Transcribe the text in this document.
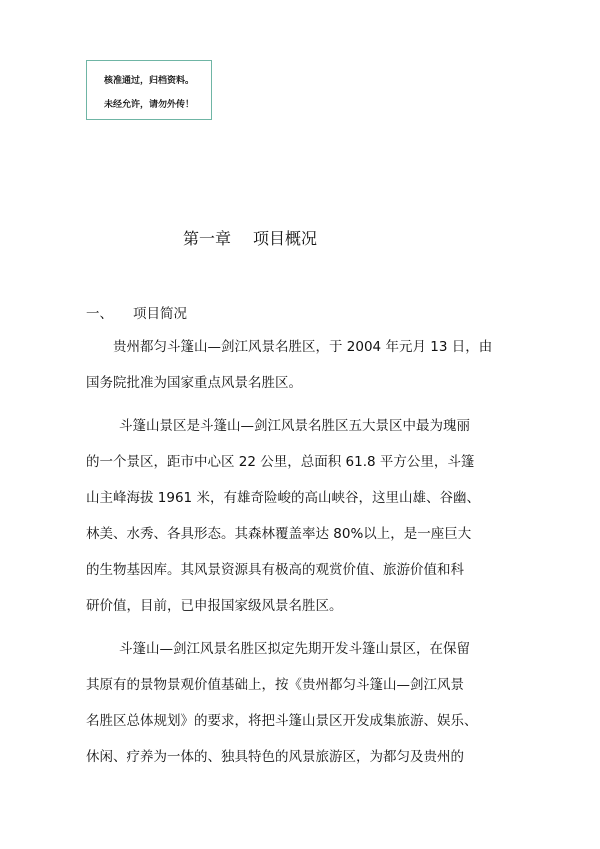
核准通过，归档资料。
未经允许，请勿外传！
第一章 项目概况
一、 项目简况
贵州都匀斗篷山—剑江风景名胜区，于 2004 年元月 13 日，由
国务院批准为国家重点风景名胜区。
斗篷山景区是斗篷山—剑江风景名胜区五大景区中最为瑰丽
的一个景区，距市中心区 22 公里，总面积 61.8 平方公里，斗篷
山主峰海拔 1961 米，有雄奇险峻的高山峡谷，这里山雄、谷幽、
林美、水秀、各具形态。其森林覆盖率达 80%以上，是一座巨大
的生物基因库。其风景资源具有极高的观赏价值、旅游价值和科
研价值，目前，已申报国家级风景名胜区。
斗篷山—剑江风景名胜区拟定先期开发斗篷山景区，在保留
其原有的景物景观价值基础上，按《贵州都匀斗篷山—剑江风景
名胜区总体规划》的要求，将把斗篷山景区开发成集旅游、娱乐、
休闲、疗养为一体的、独具特色的风景旅游区，为都匀及贵州的
